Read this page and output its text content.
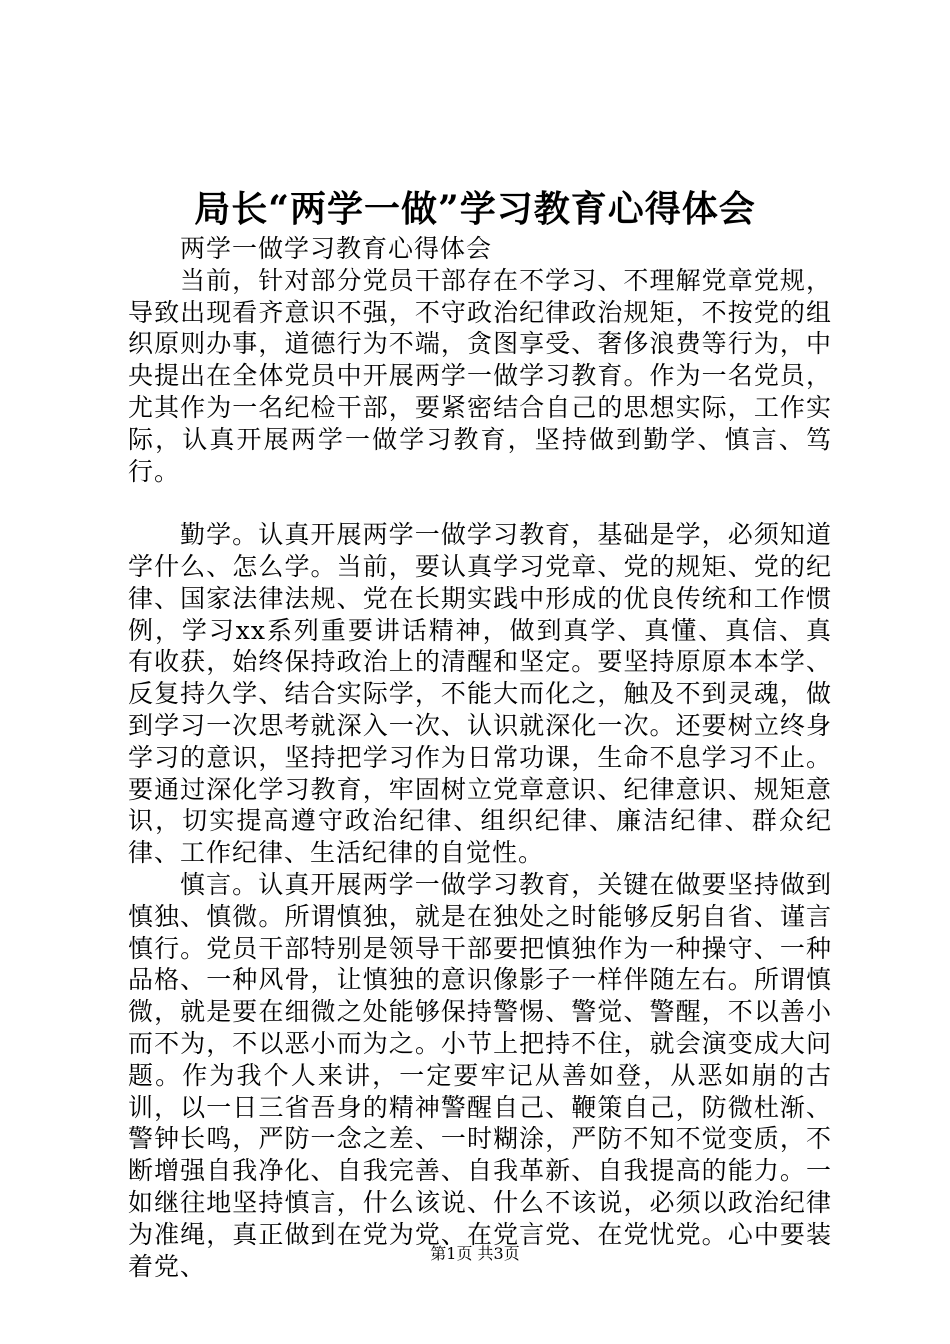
局长“两学一做”学习教育心得体会

两学一做学习教育心得体会

当前，针对部分党员干部存在不学习、不理解党章党规，导致出现看齐意识不强，不守政治纪律政治规矩，不按党的组织原则办事，道德行为不端，贪图享受、奢侈浪费等行为，中央提出在全体党员中开展两学一做学习教育。作为一名党员，尤其作为一名纪检干部，要紧密结合自己的思想实际，工作实际，认真开展两学一做学习教育，坚持做到勤学、慎言、笃行。

勤学。认真开展两学一做学习教育，基础是学，必须知道学什么、怎么学。当前，要认真学习党章、党的规矩、党的纪律、国家法律法规、党在长期实践中形成的优良传统和工作惯例，学习xx系列重要讲话精神，做到真学、真懂、真信、真有收获，始终保持政治上的清醒和坚定。要坚持原原本本学、反复持久学、结合实际学，不能大而化之，触及不到灵魂，做到学习一次思考就深入一次、认识就深化一次。还要树立终身学习的意识，坚持把学习作为日常功课，生命不息学习不止。要通过深化学习教育，牢固树立党章意识、纪律意识、规矩意识，切实提高遵守政治纪律、组织纪律、廉洁纪律、群众纪律、工作纪律、生活纪律的自觉性。

慎言。认真开展两学一做学习教育，关键在做要坚持做到慎独、慎微。所谓慎独，就是在独处之时能够反躬自省、谨言慎行。党员干部特别是领导干部要把慎独作为一种操守、一种品格、一种风骨，让慎独的意识像影子一样伴随左右。所谓慎微，就是要在细微之处能够保持警惕、警觉、警醒，不以善小而不为，不以恶小而为之。小节上把持不住，就会演变成大问题。作为我个人来讲，一定要牢记从善如登，从恶如崩的古训，以一日三省吾身的精神警醒自己、鞭策自己，防微杜渐、警钟长鸣，严防一念之差、一时糊涂，严防不知不觉变质，不断增强自我净化、自我完善、自我革新、自我提高的能力。一如继往地坚持慎言，什么该说、什么不该说，必须以政治纪律为准绳，真正做到在党为党、在党言党、在党忧党。心中要装着党、	第1页 共3页
